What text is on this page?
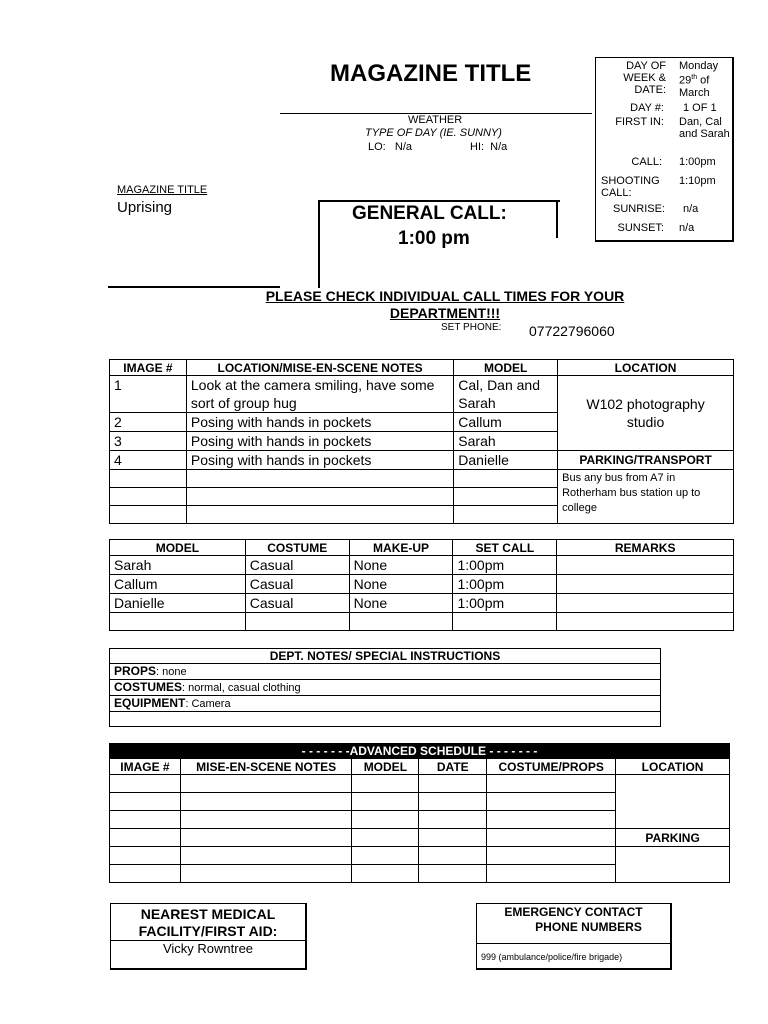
MAGAZINE TITLE
WEATHER
TYPE OF DAY (IE. SUNNY)
LO:   N/a	HI:  N/a
MAGAZINE TITLE
Uprising	GENERAL CALL:
1:00 pm
DAY OF WEEK & DATE:
Monday
29th of March
DAY #: 1 OF 1
FIRST IN: Dan, Cal and Sarah
CALL: 1:00pm
SHOOTING CALL:
1:10pm
SUNRISE: n/a
SUNSET: n/a
PLEASE CHECK INDIVIDUAL CALL TIMES FOR YOUR
DEPARTMENT!!!
SET PHONE: 07722796060
IMAGE #	LOCATION/MISE-EN-SCENE NOTES	MODEL	LOCATION
1	Look at the camera smiling, have some sort of group hug	Cal, Dan and Sarah	W102 photography studio
2	Posing with hands in pockets	Callum	
3	Posing with hands in pockets	Sarah	
4	Posing with hands in pockets	Danielle	PARKING/TRANSPORT
			Bus any bus from A7 in Rotherham bus station up to college

MODEL	COSTUME	MAKE-UP	SET CALL	REMARKS
Sarah	Casual	None	1:00pm	
Callum	Casual	None	1:00pm	
Danielle	Casual	None	1:00pm	

DEPT. NOTES/ SPECIAL INSTRUCTIONS
PROPS: none
COSTUMES: normal, casual clothing
EQUIPMENT: Camera

- - - - - - -ADVANCED SCHEDULE - - - - - - -					
IMAGE #	MISE-EN-SCENE NOTES	MODEL	DATE	COSTUME/PROPS	LOCATION

					PARKING

NEAREST MEDICAL
FACILITY/FIRST AID:
Vicky Rowntree
EMERGENCY CONTACT
PHONE NUMBERS
999 (ambulance/police/fire brigade)
